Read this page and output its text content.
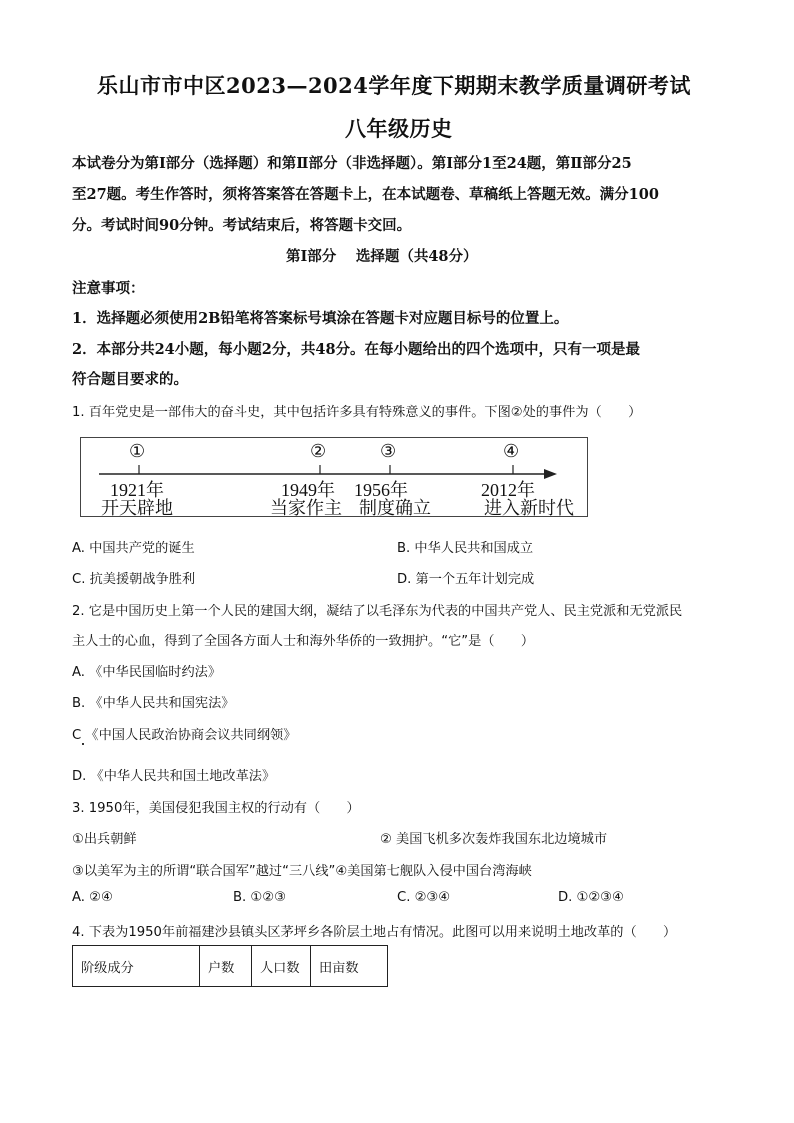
乐山市市中区2023—2024学年度下期期末教学质量调研考试
八年级历史
本试卷分为第Ⅰ部分（选择题）和第Ⅱ部分（非选择题）。第Ⅰ部分1至24题，第Ⅱ部分25
至27题。考生作答时，须将答案答在答题卡上，在本试题卷、草稿纸上答题无效。满分100
分。考试时间90分钟。考试结束后，将答题卡交回。
第Ⅰ部分　 选择题（共48分）
注意事项：
1．选择题必须使用2B铅笔将答案标号填涂在答题卡对应题目标号的位置上。
2．本部分共24小题，每小题2分，共48分。在每小题给出的四个选项中，只有一项是最
符合题目要求的。
1. 百年党史是一部伟大的奋斗史，其中包括许多具有特殊意义的事件。下图②处的事件为（　　）
①
1921年
开天辟地
②
1949年
当家作主
③
1956年
制度确立
④
2012年
进入新时代
A. 中国共产党的诞生	B. 中华人民共和国成立
C. 抗美援朝战争胜利	D. 第一个五年计划完成
2. 它是中国历史上第一个人民的建国大纲，凝结了以毛泽东为代表的中国共产党人、民主党派和无党派民
主人士的心血，得到了全国各方面人士和海外华侨的一致拥护。“它”是（　　）
A. 《中华民国临时约法》
B. 《中华人民共和国宪法》
C 《中国人民政治协商会议共同纲领》
D. 《中华人民共和国土地改革法》
3. 1950年，美国侵犯我国主权的行动有（　　）
①出兵朝鲜	② 美国飞机多次轰炸我国东北边境城市
③以美军为主的所谓“联合国军”越过“三八线”④美国第七舰队入侵中国台湾海峡
A. ②④	B. ①②③	C. ②③④	D. ①②③④
4. 下表为1950年前福建沙县镇头区茅坪乡各阶层土地占有情况。此图可以用来说明土地改革的（　　）
阶级成分	户数	人口数	田亩数
